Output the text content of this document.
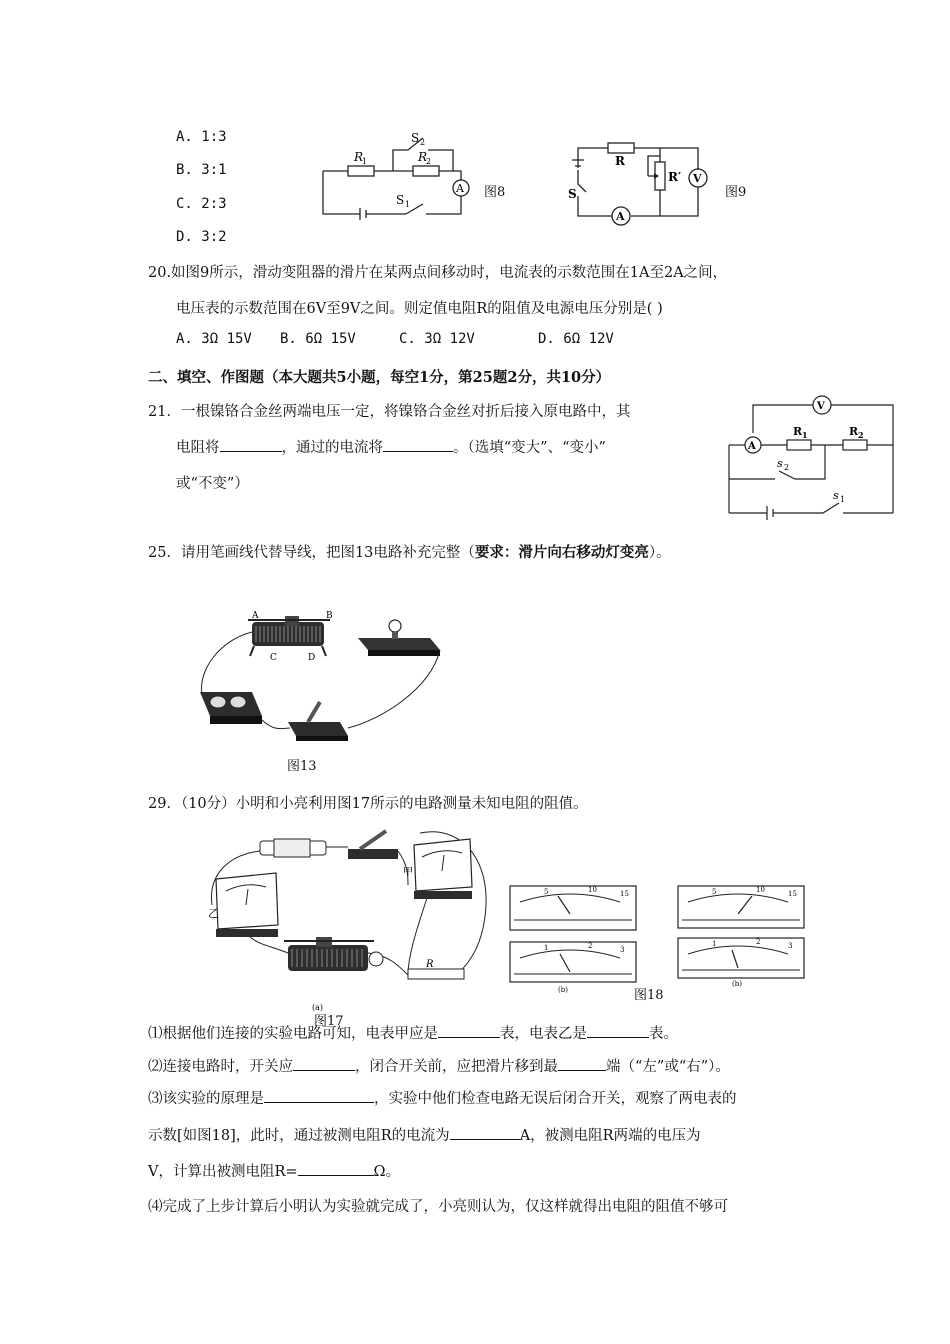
A. 1:3
B. 3:1
C. 2:3
D. 3:2
S 2
R
1	R
2
S 1
A 图8
R
R′ V
S
A
图9
20.如图9所示，滑动变阻器的滑片在某两点间移动时，电流表的示数范围在1A至2A之间，
电压表的示数范围在6V至9V之间。则定值电阻R的阻值及电源电压分别是( )
A. 3Ω 15V B. 6Ω 15V	C. 3Ω 12V	D. 6Ω 12V
二、填空、作图题（本大题共5小题，每空1分，第25题2分，共10分）
21．一根镍铬合金丝两端电压一定，将镍铬合金丝对折后接入原电路中，其
电阻将	，通过的电流将	。（选填“变大”、“变小”
或“不变”）
V
A
R 1	R 2
s 2
s 1
25．请用笔画线代替导线，把图13电路补充完整（要求：滑片向右移动灯变亮）。
A	B
C	D
图13
29．（10分）小明和小亮利用图17所示的电路测量未知电阻的阻值。
乙
甲
R
(a)
图17
5	10	15
1	2	3
(b)
5	10	15
1	2	3
(b)
图18
⑴根据他们连接的实验电路可知，电表甲应是	表，电表乙是	表。
⑵连接电路时，开关应	，闭合开关前，应把滑片移到最	端（“左”或“右”）。
⑶该实验的原理是	，实验中他们检查电路无误后闭合开关，观察了两电表的
示数[如图18]，此时，通过被测电阻R的电流为	A，被测电阻R两端的电压为
V，计算出被测电阻R=	Ω。
⑷完成了上步计算后小明认为实验就完成了，小亮则认为，仅这样就得出电阻的阻值不够可
